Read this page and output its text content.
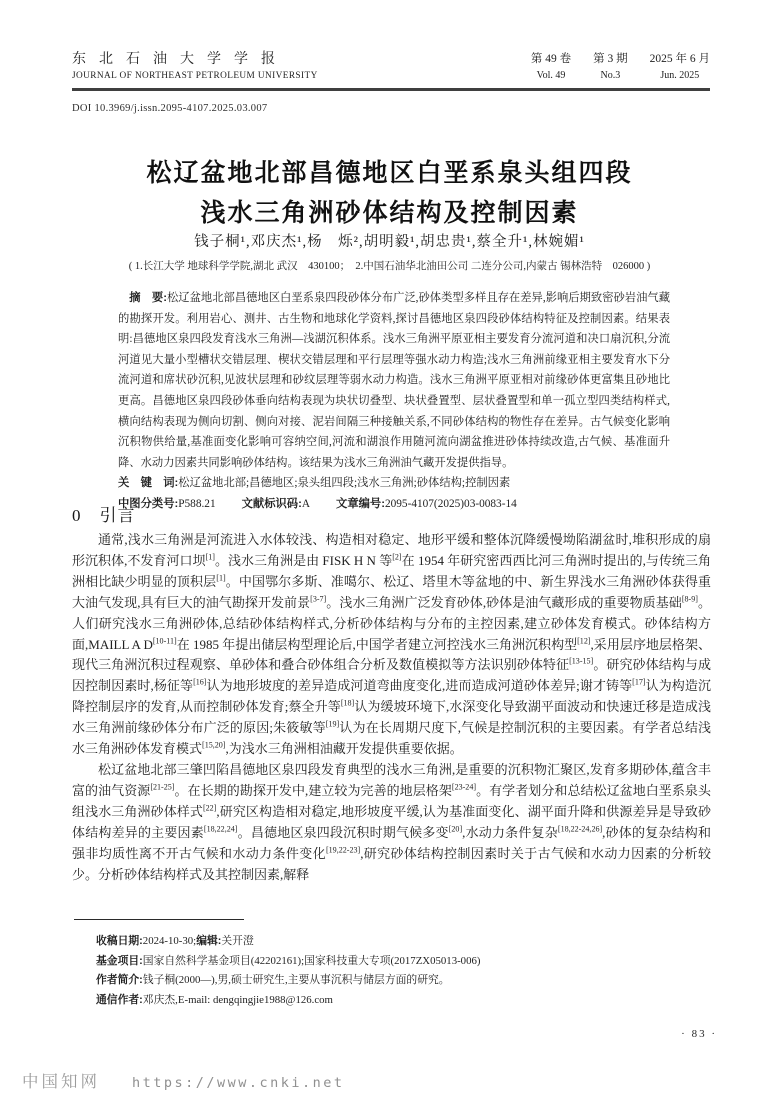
东北石油大学学报
JOURNAL OF NORTHEAST PETROLEUM UNIVERSITY
第 49 卷
Vol. 49
第 3 期
No.3
2025 年 6 月
Jun. 2025
DOI 10.3969/j.issn.2095-4107.2025.03.007
松辽盆地北部昌德地区白垩系泉头组四段
浅水三角洲砂体结构及控制因素
钱子桐¹,邓庆杰¹,杨　烁²,胡明毅¹,胡忠贵¹,蔡全升¹,林婉媚¹
( 1.长江大学 地球科学学院,湖北 武汉　430100；　2.中国石油华北油田公司 二连分公司,内蒙古 锡林浩特　026000 )

摘　要:松辽盆地北部昌德地区白垩系泉四段砂体分布广泛,砂体类型多样且存在差异,影响后期致密砂岩油气藏的勘探开发。利用岩心、测井、古生物和地球化学资料,探讨昌德地区泉四段砂体结构特征及控制因素。结果表明:昌德地区泉四段发育浅水三角洲—浅湖沉积体系。浅水三角洲平原亚相主要发育分流河道和决口扇沉积,分流河道见大量小型槽状交错层理、楔状交错层理和平行层理等强水动力构造;浅水三角洲前缘亚相主要发育水下分流河道和席状砂沉积,见波状层理和砂纹层理等弱水动力构造。浅水三角洲平原亚相对前缘砂体更富集且砂地比更高。昌德地区泉四段砂体垂向结构表现为块状切叠型、块状叠置型、层状叠置型和单一孤立型四类结构样式,横向结构表现为侧向切割、侧向对接、泥岩间隔三种接触关系,不同砂体结构的物性存在差异。古气候变化影响沉积物供给量,基准面变化影响可容纳空间,河流和湖浪作用随河流向湖盆推进砂体持续改造,古气候、基准面升降、水动力因素共同影响砂体结构。该结果为浅水三角洲油气藏开发提供指导。

关　键　词:松辽盆地北部;昌德地区;泉头组四段;浅水三角洲;砂体结构;控制因素

中图分类号:P588.21 文献标识码:A 文章编号:2095-4107(2025)03-0083-14

0　引言

通常,浅水三角洲是河流进入水体较浅、构造相对稳定、地形平缓和整体沉降缓慢坳陷湖盆时,堆积形成的扇形沉积体,不发育河口坝[1]。浅水三角洲是由 FISK H N 等[2]在 1954 年研究密西西比河三角洲时提出的,与传统三角洲相比缺少明显的顶积层[1]。中国鄂尔多斯、准噶尔、松辽、塔里木等盆地的中、新生界浅水三角洲砂体获得重大油气发现,具有巨大的油气勘探开发前景[3-7]。浅水三角洲广泛发育砂体,砂体是油气藏形成的重要物质基础[8-9]。人们研究浅水三角洲砂体,总结砂体结构样式,分析砂体结构与分布的主控因素,建立砂体发育模式。砂体结构方面,MAILL A D[10-11]在 1985 年提出储层构型理论后,中国学者建立河控浅水三角洲沉积构型[12],采用层序地层格架、现代三角洲沉积过程观察、单砂体和叠合砂体组合分析及数值模拟等方法识别砂体特征[13-15]。研究砂体结构与成因控制因素时,杨征等[16]认为地形坡度的差异造成河道弯曲度变化,进而造成河道砂体差异;谢才铸等[17]认为构造沉降控制层序的发育,从而控制砂体发育;蔡全升等[18]认为缓坡环境下,水深变化导致湖平面波动和快速迁移是造成浅水三角洲前缘砂体分布广泛的原因;朱筱敏等[19]认为在长周期尺度下,气候是控制沉积的主要因素。有学者总结浅水三角洲砂体发育模式[15,20],为浅水三角洲相油藏开发提供重要依据。

松辽盆地北部三肇凹陷昌德地区泉四段发育典型的浅水三角洲,是重要的沉积物汇聚区,发育多期砂体,蕴含丰富的油气资源[21-25]。在长期的勘探开发中,建立较为完善的地层格架[23-24]。有学者划分和总结松辽盆地白垩系泉头组浅水三角洲砂体样式[22],研究区构造相对稳定,地形坡度平缓,认为基准面变化、湖平面升降和供源差异是导致砂体结构差异的主要因素[18,22,24]。昌德地区泉四段沉积时期气候多变[20],水动力条件复杂[18,22-24,26],砂体的复杂结构和强非均质性离不开古气候和水动力条件变化[19,22-23],研究砂体结构控制因素时关于古气候和水动力因素的分析较少。分析砂体结构样式及其控制因素,解释

收稿日期:2024-10-30;编辑:关开澄
基金项目:国家自然科学基金项目(42202161);国家科技重大专项(2017ZX05013-006)
作者简介:钱子桐(2000—),男,硕士研究生,主要从事沉积与储层方面的研究。
通信作者:邓庆杰,E-mail: dengqingjie1988@126.com
· 83 ·
中国知网 https://www.cnki.net
